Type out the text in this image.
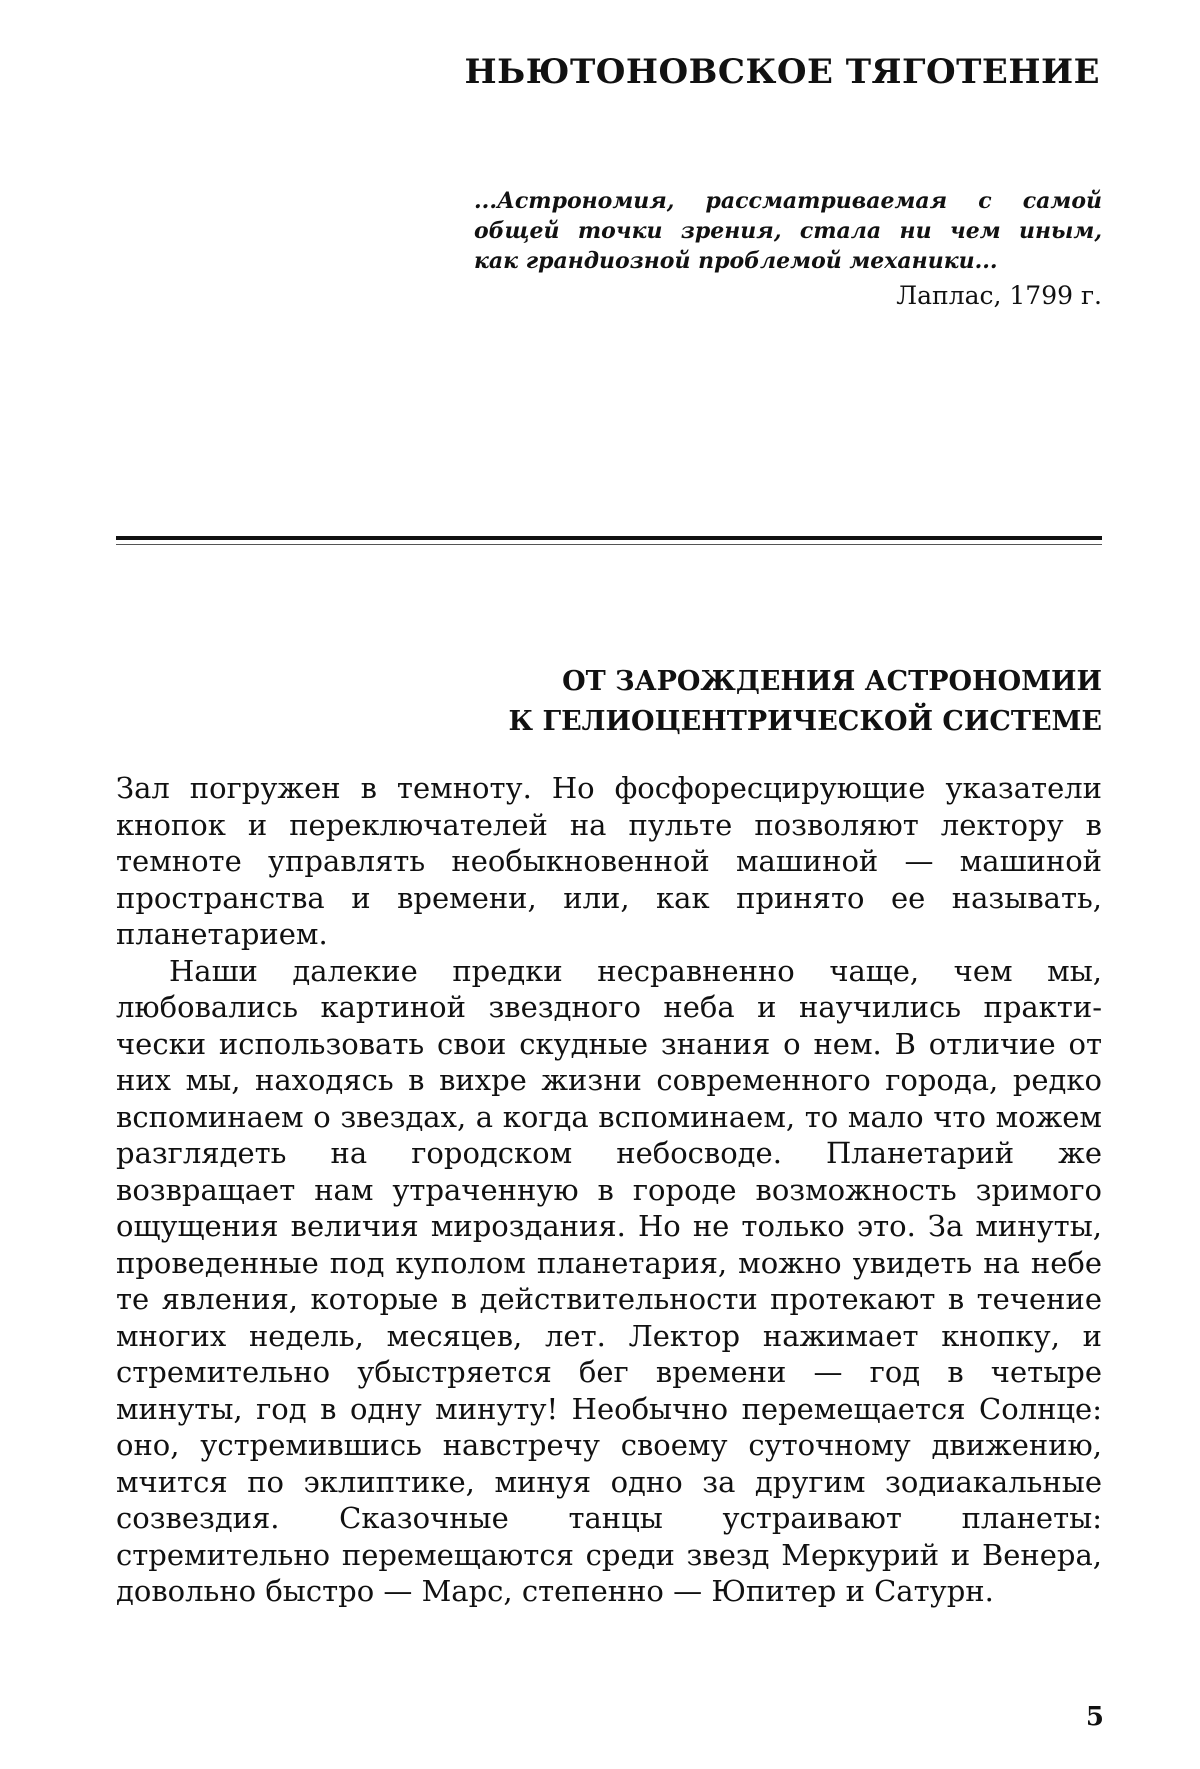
НЬЮТОНОВСКОЕ ТЯГОТЕНИЕ
...Астрономия, рассматриваемая с самой
общей точки зрения, стала ни чем иным,
как грандиозной проблемой механики...
Лаплас, 1799 г.
ОТ ЗАРОЖДЕНИЯ АСТРОНОМИИ
К ГЕЛИОЦЕНТРИЧЕСКОЙ СИСТЕМЕ

Зал погружен в темноту. Но фосфоресцирующие указатели кнопок и переключателей на пульте позволяют лектору в темноте управлять необыкновенной машиной — машиной пространства и времени, или, как принято ее называть, планетарием.

Наши далекие предки несравненно чаще, чем мы, любовались картиной звездного неба и научились практически использовать свои скудные знания о нем. В отличие от них мы, находясь в вихре жизни современного города, редко вспоминаем о звездах, а когда вспоминаем, то мало что можем разглядеть на городском небосводе. Планетарий же возвращает нам утраченную в городе возможность зримого ощущения величия мироздания. Но не только это. За минуты, проведенные под куполом планетария, можно увидеть на небе те явления, которые в действительности протекают в течение многих недель, месяцев, лет. Лектор нажимает кнопку, и стремительно убыстряется бег времени — год в четыре минуты, год в одну минуту! Необычно перемещается Солнце: оно, устремившись навстречу своему суточному движению, мчится по эклиптике, минуя одно за другим зодиакальные созвездия. Сказочные танцы устраивают планеты: стремительно перемещаются среди звезд Меркурий и Венера, довольно быстро — Марс, степенно — Юпитер и Сатурн.

5
